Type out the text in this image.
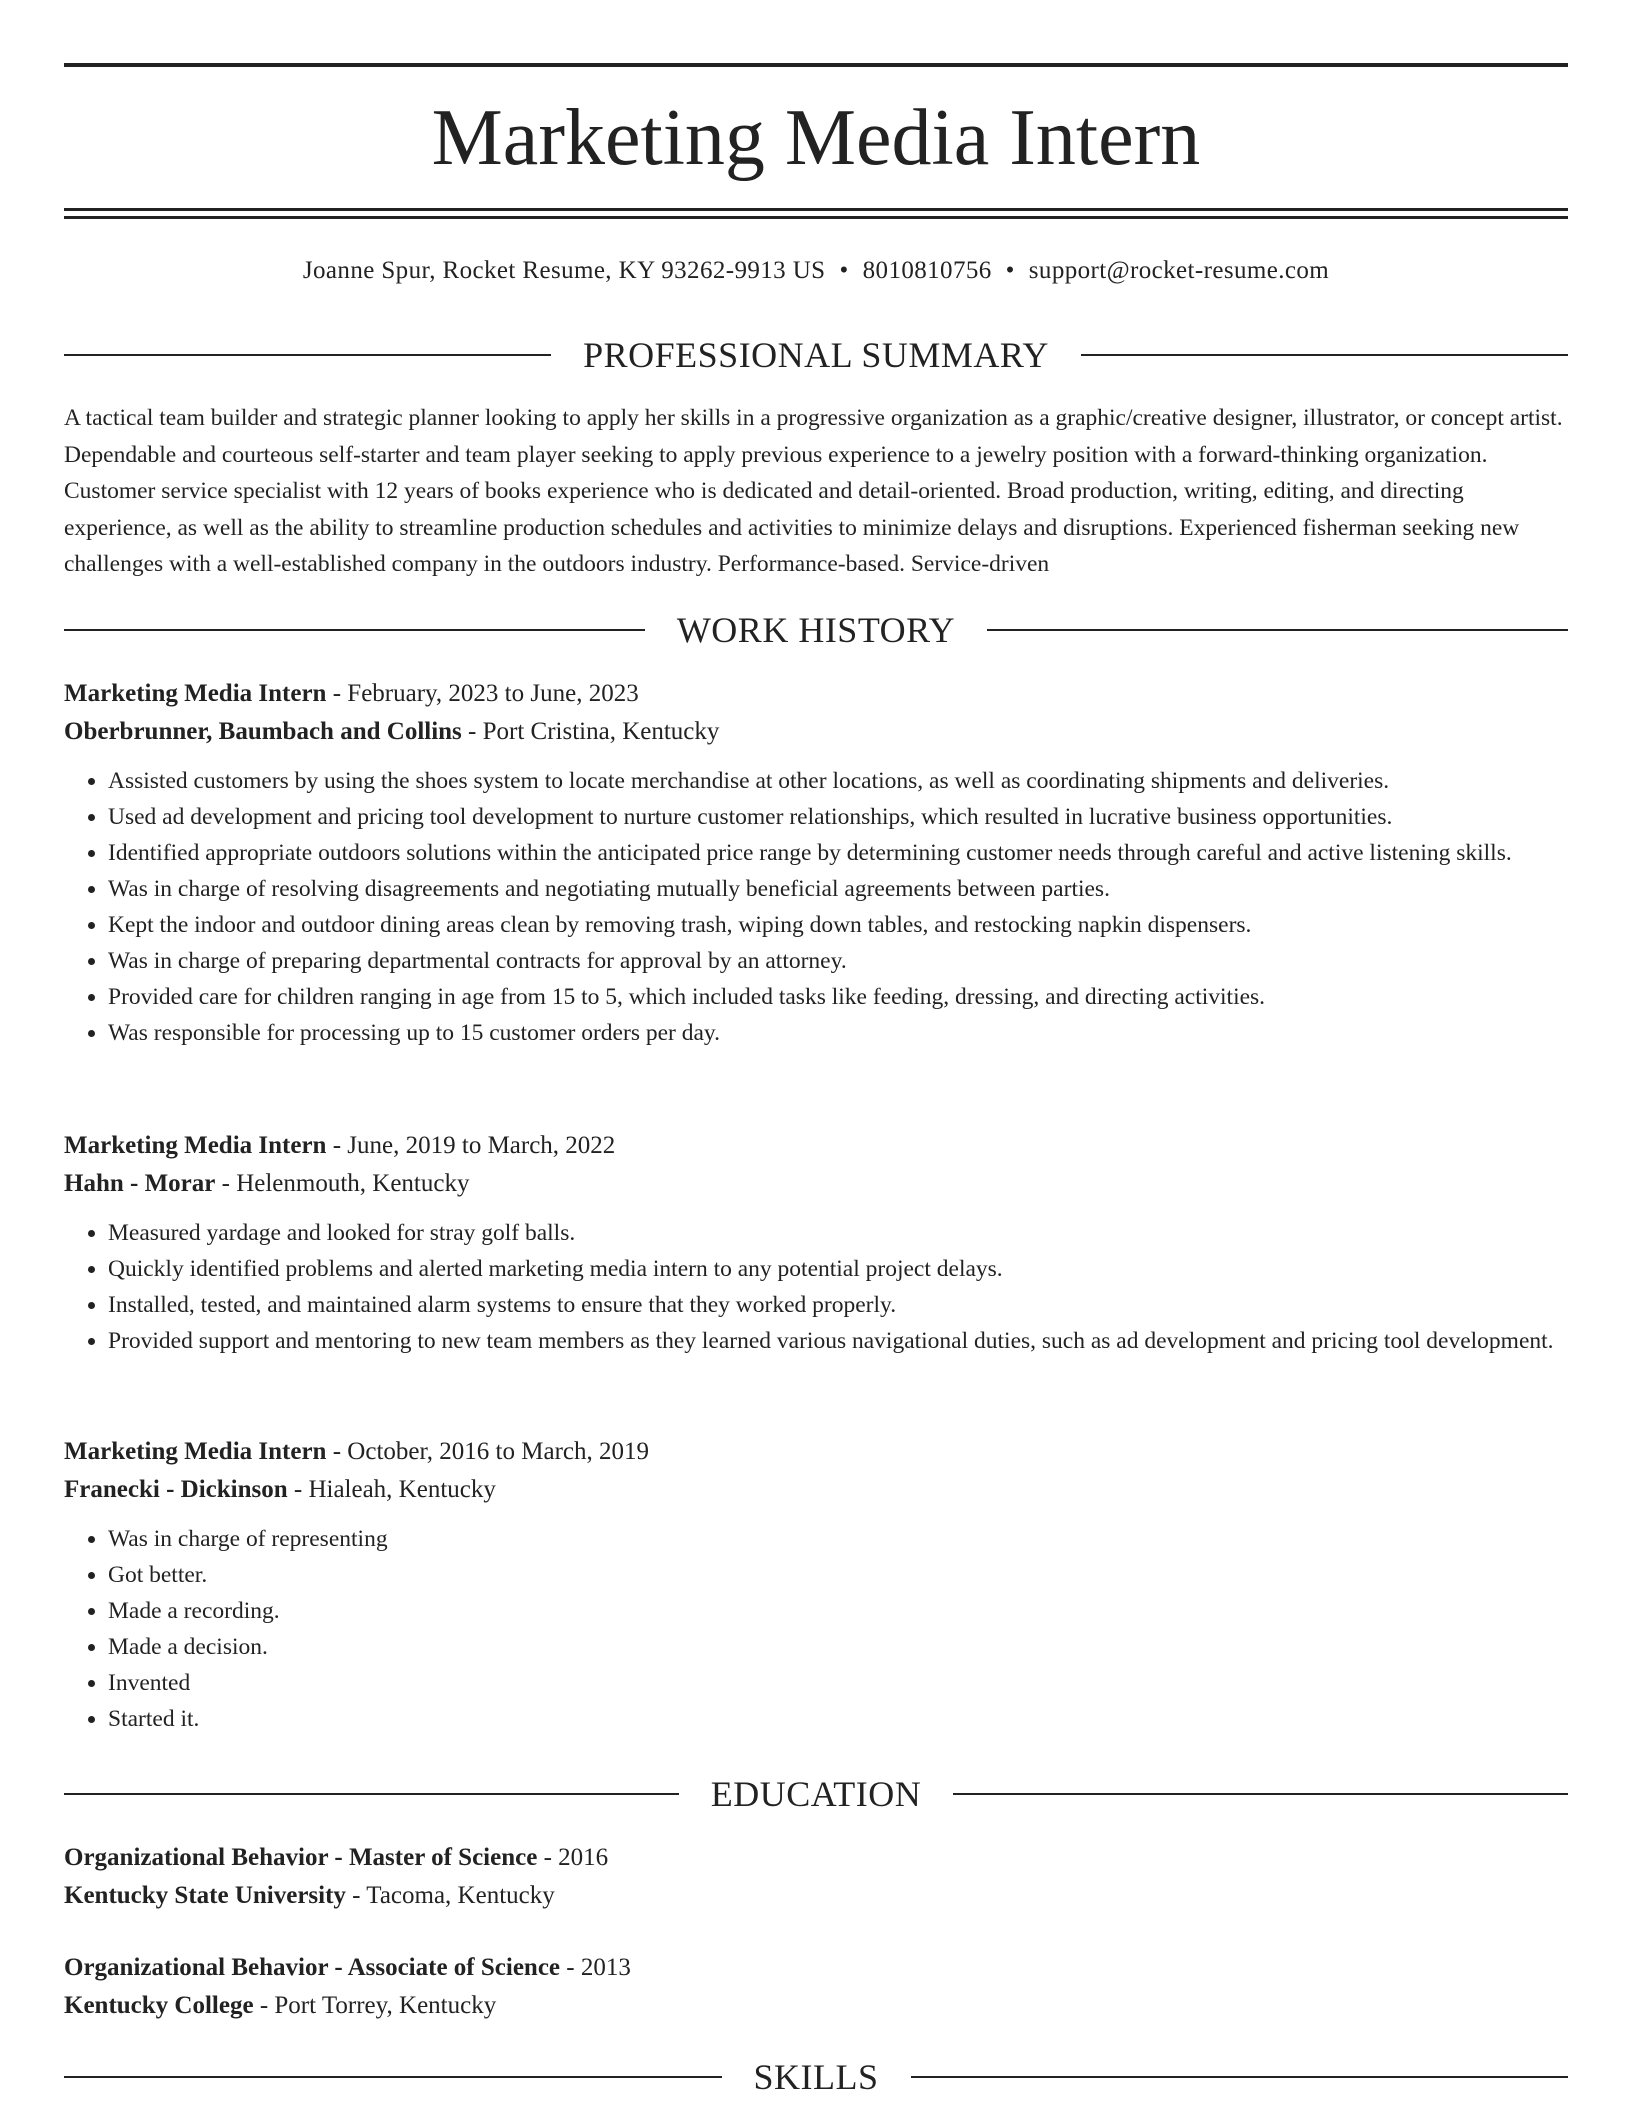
Marketing Media Intern
Joanne Spur, Rocket Resume, KY 93262-9913 US • 8010810756 • support@rocket-resume.com
PROFESSIONAL SUMMARY

A tactical team builder and strategic planner looking to apply her skills in a progressive organization as a graphic/creative designer, illustrator, or concept artist. Dependable and courteous self-starter and team player seeking to apply previous experience to a jewelry position with a forward-thinking organization. Customer service specialist with 12 years of books experience who is dedicated and detail-oriented. Broad production, writing, editing, and directing experience, as well as the ability to streamline production schedules and activities to minimize delays and disruptions. Experienced fisherman seeking new challenges with a well-established company in the outdoors industry. Performance-based. Service-driven

WORK HISTORY
Marketing Media Intern - February, 2023 to June, 2023
Oberbrunner, Baumbach and Collins - Port Cristina, Kentucky
• Assisted customers by using the shoes system to locate merchandise at other locations, as well as coordinating shipments and deliveries.
• Used ad development and pricing tool development to nurture customer relationships, which resulted in lucrative business opportunities.
• Identified appropriate outdoors solutions within the anticipated price range by determining customer needs through careful and active listening skills.
• Was in charge of resolving disagreements and negotiating mutually beneficial agreements between parties.
• Kept the indoor and outdoor dining areas clean by removing trash, wiping down tables, and restocking napkin dispensers.
• Was in charge of preparing departmental contracts for approval by an attorney.
• Provided care for children ranging in age from 15 to 5, which included tasks like feeding, dressing, and directing activities.
• Was responsible for processing up to 15 customer orders per day.
Marketing Media Intern - June, 2019 to March, 2022
Hahn - Morar - Helenmouth, Kentucky
• Measured yardage and looked for stray golf balls.
• Quickly identified problems and alerted marketing media intern to any potential project delays.
• Installed, tested, and maintained alarm systems to ensure that they worked properly.
• Provided support and mentoring to new team members as they learned various navigational duties, such as ad development and pricing tool development.
Marketing Media Intern - October, 2016 to March, 2019
Franecki - Dickinson - Hialeah, Kentucky
• Was in charge of representing
• Got better.
• Made a recording.
• Made a decision.
• Invented
• Started it.
EDUCATION
Organizational Behavior - Master of Science - 2016
Kentucky State University - Tacoma, Kentucky
Organizational Behavior - Associate of Science - 2013
Kentucky College - Port Torrey, Kentucky
SKILLS
